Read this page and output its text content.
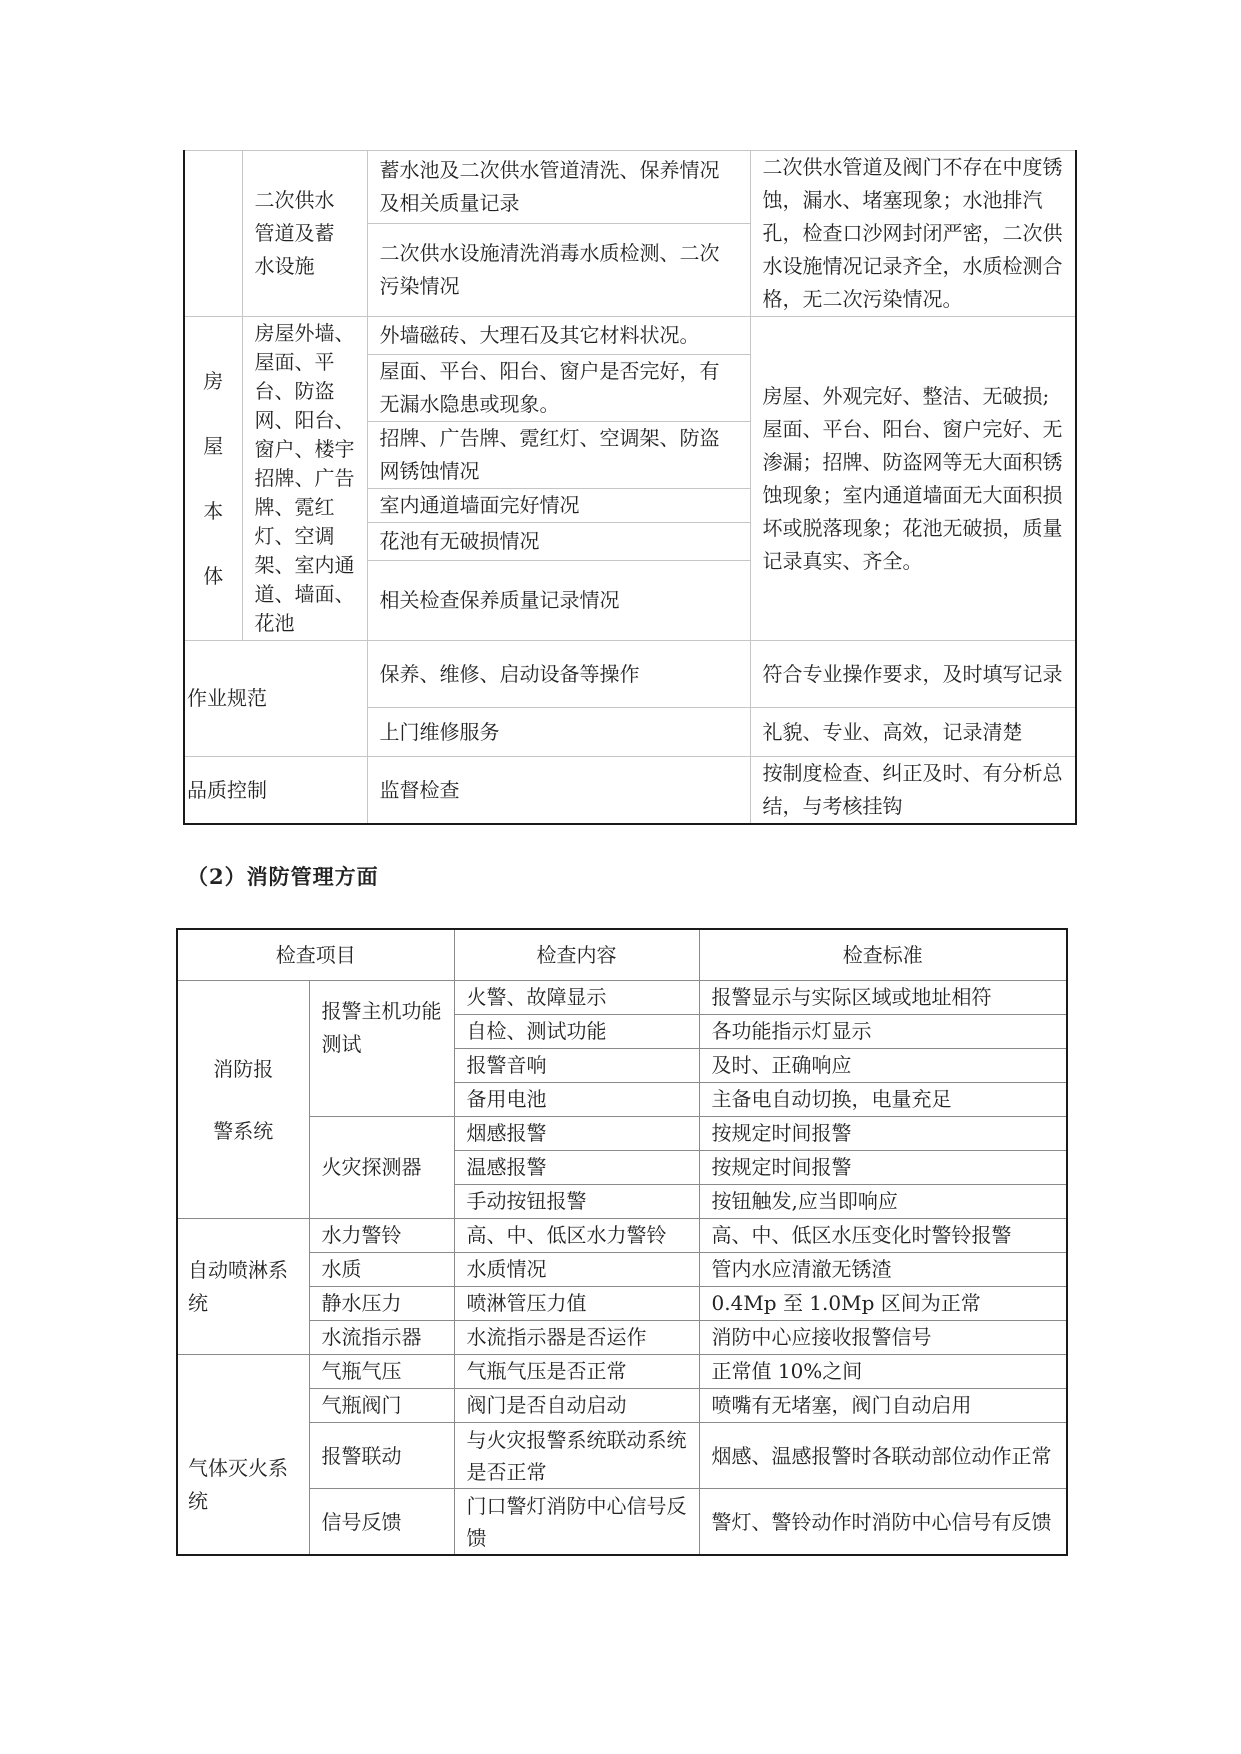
	二次供水
管道及蓄
水设施	蓄水池及二次供水管道清洗、保养情况及相关质量记录	二次供水管道及阀门不存在中度锈蚀，漏水、堵塞现象；水池排汽孔，检查口沙网封闭严密，二次供水设施情况记录齐全，水质检测合格，无二次污染情况。
		二次供水设施清洗消毒水质检测、二次污染情况	
房
屋
本
体	房屋外墙、屋面、平台、防盗网、阳台、窗户、楼宇招牌、广告牌、霓红灯、空调架、室内通道、墙面、花池	外墙磁砖、大理石及其它材料状况。	房屋、外观完好、整洁、无破损;屋面、平台、阳台、窗户完好、无渗漏；招牌、防盗网等无大面积锈蚀现象；室内通道墙面无大面积损坏或脱落现象；花池无破损，质量记录真实、齐全。
		屋面、平台、阳台、窗户是否完好，有无漏水隐患或现象。	
		招牌、广告牌、霓红灯、空调架、防盗网锈蚀情况	
		室内通道墙面完好情况	
		花池有无破损情况	
		相关检查保养质量记录情况	
作业规范		保养、维修、启动设备等操作	符合专业操作要求，及时填写记录
		上门维修服务	礼貌、专业、高效，记录清楚
品质控制		监督检查	按制度检查、纠正及时、有分析总结，与考核挂钩
（2）消防管理方面
检查项目		检查内容	检查标准
消防报
警系统	报警主机功能测试	火警、故障显示	报警显示与实际区域或地址相符
		自检、测试功能	各功能指示灯显示
		报警音响	及时、正确响应
		备用电池	主备电自动切换，电量充足
	火灾探测器	烟感报警	按规定时间报警
		温感报警	按规定时间报警
		手动按钮报警	按钮触发,应当即响应
自动喷淋系统	水力警铃	高、中、低区水力警铃	高、中、低区水压变化时警铃报警
	水质	水质情况	管内水应清澈无锈渣
	静水压力	喷淋管压力值	0.4Mp 至 1.0Mp 区间为正常
	水流指示器	水流指示器是否运作	消防中心应接收报警信号
气体灭火系统	气瓶气压	气瓶气压是否正常	正常值 10%之间
	气瓶阀门	阀门是否自动启动	喷嘴有无堵塞，阀门自动启用
	报警联动	与火灾报警系统联动系统是否正常	烟感、温感报警时各联动部位动作正常
	信号反馈	门口警灯消防中心信号反馈	警灯、警铃动作时消防中心信号有反馈
